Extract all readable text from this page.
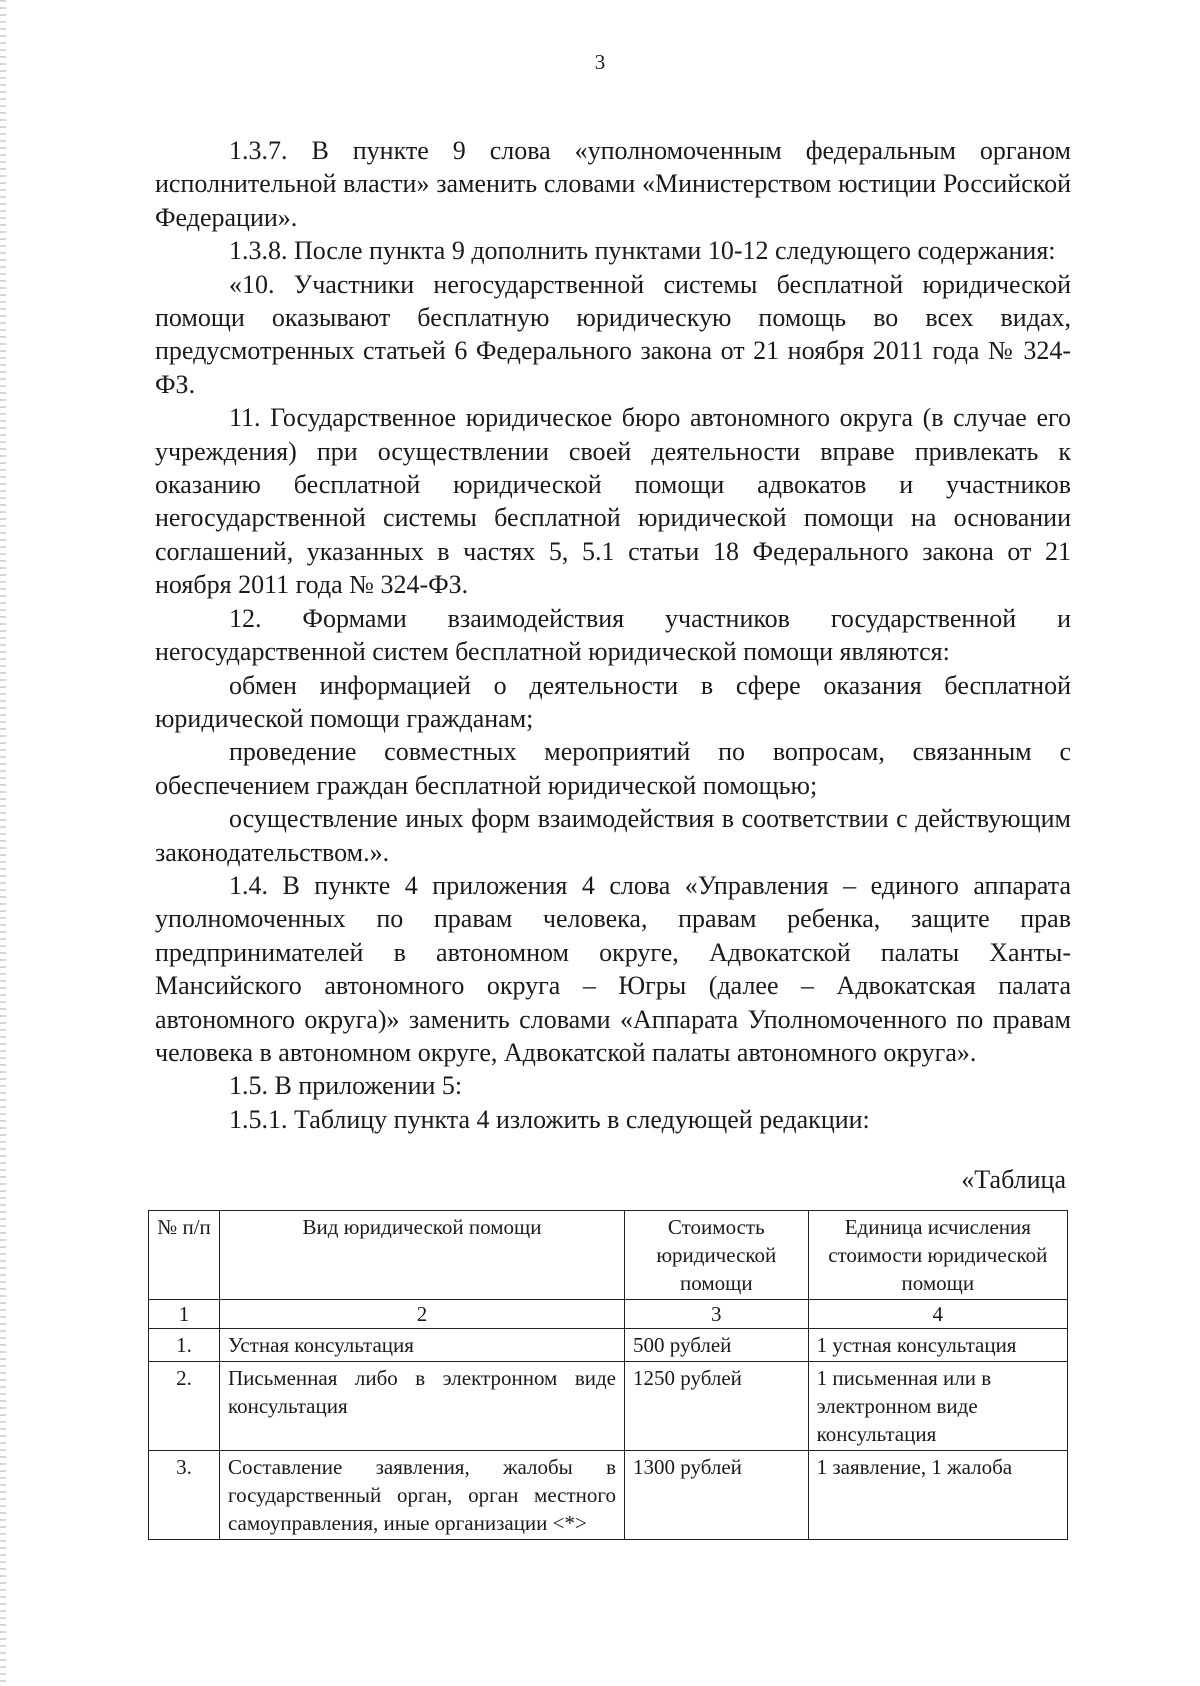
3

1.3.7. В пункте 9 слова «уполномоченным федеральным органом исполнительной власти» заменить словами «Министерством юстиции Российской Федерации».

1.3.8. После пункта 9 дополнить пунктами 10-12 следующего содержания:

«10. Участники негосударственной системы бесплатной юридической помощи оказывают бесплатную юридическую помощь во всех видах, предусмотренных статьей 6 Федерального закона от 21 ноября 2011 года № 324-ФЗ.

11. Государственное юридическое бюро автономного округа (в случае его учреждения) при осуществлении своей деятельности вправе привлекать к оказанию бесплатной юридической помощи адвокатов и участников негосударственной системы бесплатной юридической помощи на основании соглашений, указанных в частях 5, 5.1 статьи 18 Федерального закона от 21 ноября 2011 года № 324-ФЗ.

12. Формами взаимодействия участников государственной и негосударственной систем бесплатной юридической помощи являются:

обмен информацией о деятельности в сфере оказания бесплатной юридической помощи гражданам;

проведение совместных мероприятий по вопросам, связанным с обеспечением граждан бесплатной юридической помощью;

осуществление иных форм взаимодействия в соответствии с действующим законодательством.».

1.4. В пункте 4 приложения 4 слова «Управления – единого аппарата уполномоченных по правам человека, правам ребенка, защите прав предпринимателей в автономном округе, Адвокатской палаты Ханты-Мансийского автономного округа – Югры (далее – Адвокатская палата автономного округа)» заменить словами «Аппарата Уполномоченного по правам человека в автономном округе, Адвокатской палаты автономного округа».

1.5. В приложении 5:

1.5.1. Таблицу пункта 4 изложить в следующей редакции:

«Таблица
№ п/п	Вид юридической помощи	Стоимость юридической помощи	Единица исчисления стоимости юридической помощи
1	2	3	4
1.	Устная консультация	500 рублей	1 устная консультация
2.	Письменная либо в электронном виде консультация	1250 рублей	1 письменная или в электронном виде консультация
3.	Составление заявления, жалобы в государственный орган, орган местного самоуправления, иные организации <*>	1300 рублей	1 заявление, 1 жалоба
